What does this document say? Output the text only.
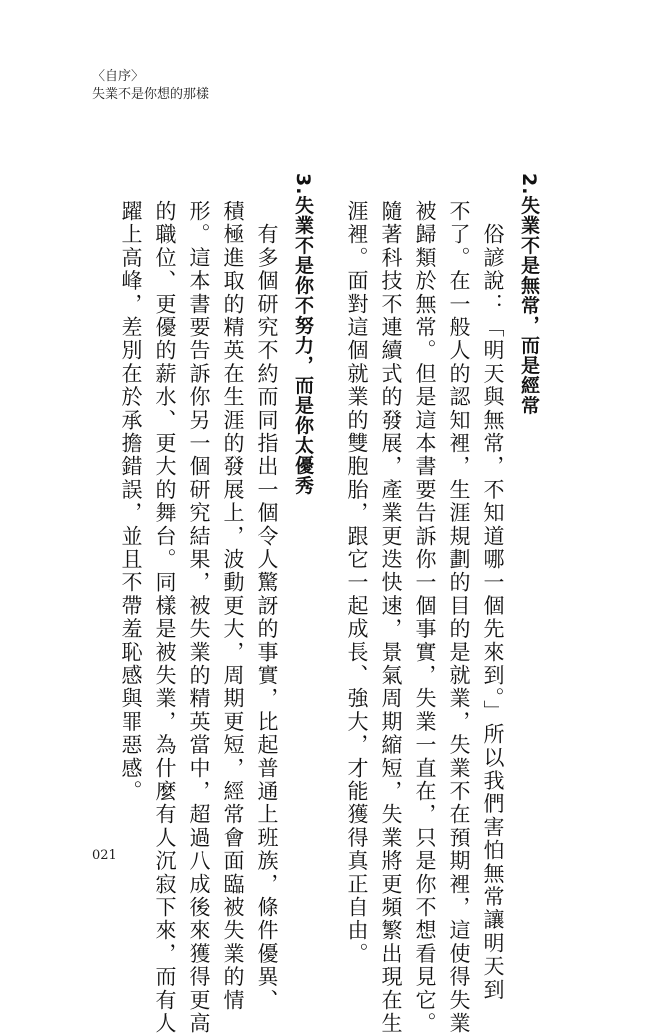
〈自序〉
失業不是你想的那樣
2.失業不是無常，而是經常
　俗諺說：「明天與無常，不知道哪一個先來到。」所以我們害怕無常讓明天到
不了。在一般人的認知裡，生涯規劃的目的是就業，失業不在預期裡，這使得失業
被歸類於無常。但是這本書要告訴你一個事實，失業一直在，只是你不想看見它。
隨著科技不連續式的發展，產業更迭快速，景氣周期縮短，失業將更頻繁出現在生
涯裡。面對這個就業的雙胞胎，跟它一起成長、強大，才能獲得真正自由。
3.失業不是你不努力，而是你太優秀
　有多個研究不約而同指出一個令人驚訝的事實，比起普通上班族，條件優異、
積極進取的精英在生涯的發展上，波動更大，周期更短，經常會面臨被失業的情
形。這本書要告訴你另一個研究結果，被失業的精英當中，超過八成後來獲得更高
的職位、更優的薪水、更大的舞台。同樣是被失業，為什麼有人沉寂下來，而有人
躍上高峰，差別在於承擔錯誤，並且不帶羞恥感與罪惡感。
021
